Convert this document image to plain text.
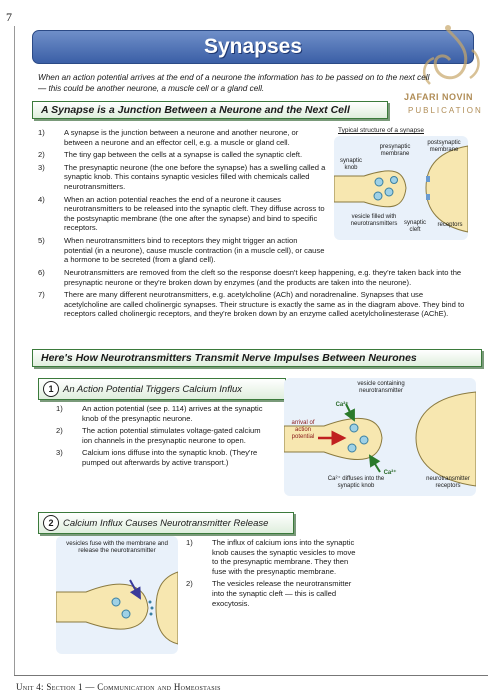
7
Synapses
JAFARI NOVIN
PUBLICATION
When an action potential arrives at the end of a neurone the information has to be passed on to the next cell — this could be another neurone, a muscle cell or a gland cell.
A Synapse is a Junction Between a Neurone and the Next Cell
1)	A synapse is the junction between a neurone and another neurone, or between a neurone and an effector cell, e.g. a muscle or gland cell.
2)	The tiny gap between the cells at a synapse is called the synaptic cleft.
3)	The presynaptic neurone (the one before the synapse) has a swelling called a synaptic knob. This contains synaptic vesicles filled with chemicals called neurotransmitters.
4)	When an action potential reaches the end of a neurone it causes neurotransmitters to be released into the synaptic cleft. They diffuse across to the postsynaptic membrane (the one after the synapse) and bind to specific receptors.
5)	When neurotransmitters bind to receptors they might trigger an action potential (in a neurone), cause muscle contraction (in a muscle cell), or cause a hormone to be secreted (from a gland cell).
6)	Neurotransmitters are removed from the cleft so the response doesn't keep happening, e.g. they're taken back into the presynaptic neurone or they're broken down by enzymes (and the products are taken into the neurone).
7)	There are many different neurotransmitters, e.g. acetylcholine (ACh) and noradrenaline. Synapses that use acetylcholine are called cholinergic synapses. Their structure is exactly the same as in the diagram above. They bind to receptors called cholinergic receptors, and they're broken down by an enzyme called acetylcholinesterase (AChE).
Typical structure of a synapse
presynaptic membrane
postsynaptic membrane
synaptic knob
vesicle filled with neurotransmitters	synaptic cleft
receptors
Here's How Neurotransmitters Transmit Nerve Impulses Between Neurones
1 An Action Potential Triggers Calcium Influx
1)	An action potential (see p. 114) arrives at the synaptic knob of the presynaptic neurone.
2)	The action potential stimulates voltage-gated calcium ion channels in the presynaptic neurone to open.
3)	Calcium ions diffuse into the synaptic knob. (They're pumped out afterwards by active transport.)
vesicle containing neurotransmitter
arrival of action potential
Ca²⁺
Ca²⁺
Ca²⁺ diffuses into the synaptic knob
neurotransmitter receptors
2 Calcium Influx Causes Neurotransmitter Release
vesicles fuse with the membrane and release the neurotransmitter
1)	The influx of calcium ions into the synaptic knob causes the synaptic vesicles to move to the presynaptic membrane. They then fuse with the presynaptic membrane.
2)	The vesicles release the neurotransmitter into the synaptic cleft — this is called exocytosis.
Unit 4: Section 1 — Communication and Homeostasis
